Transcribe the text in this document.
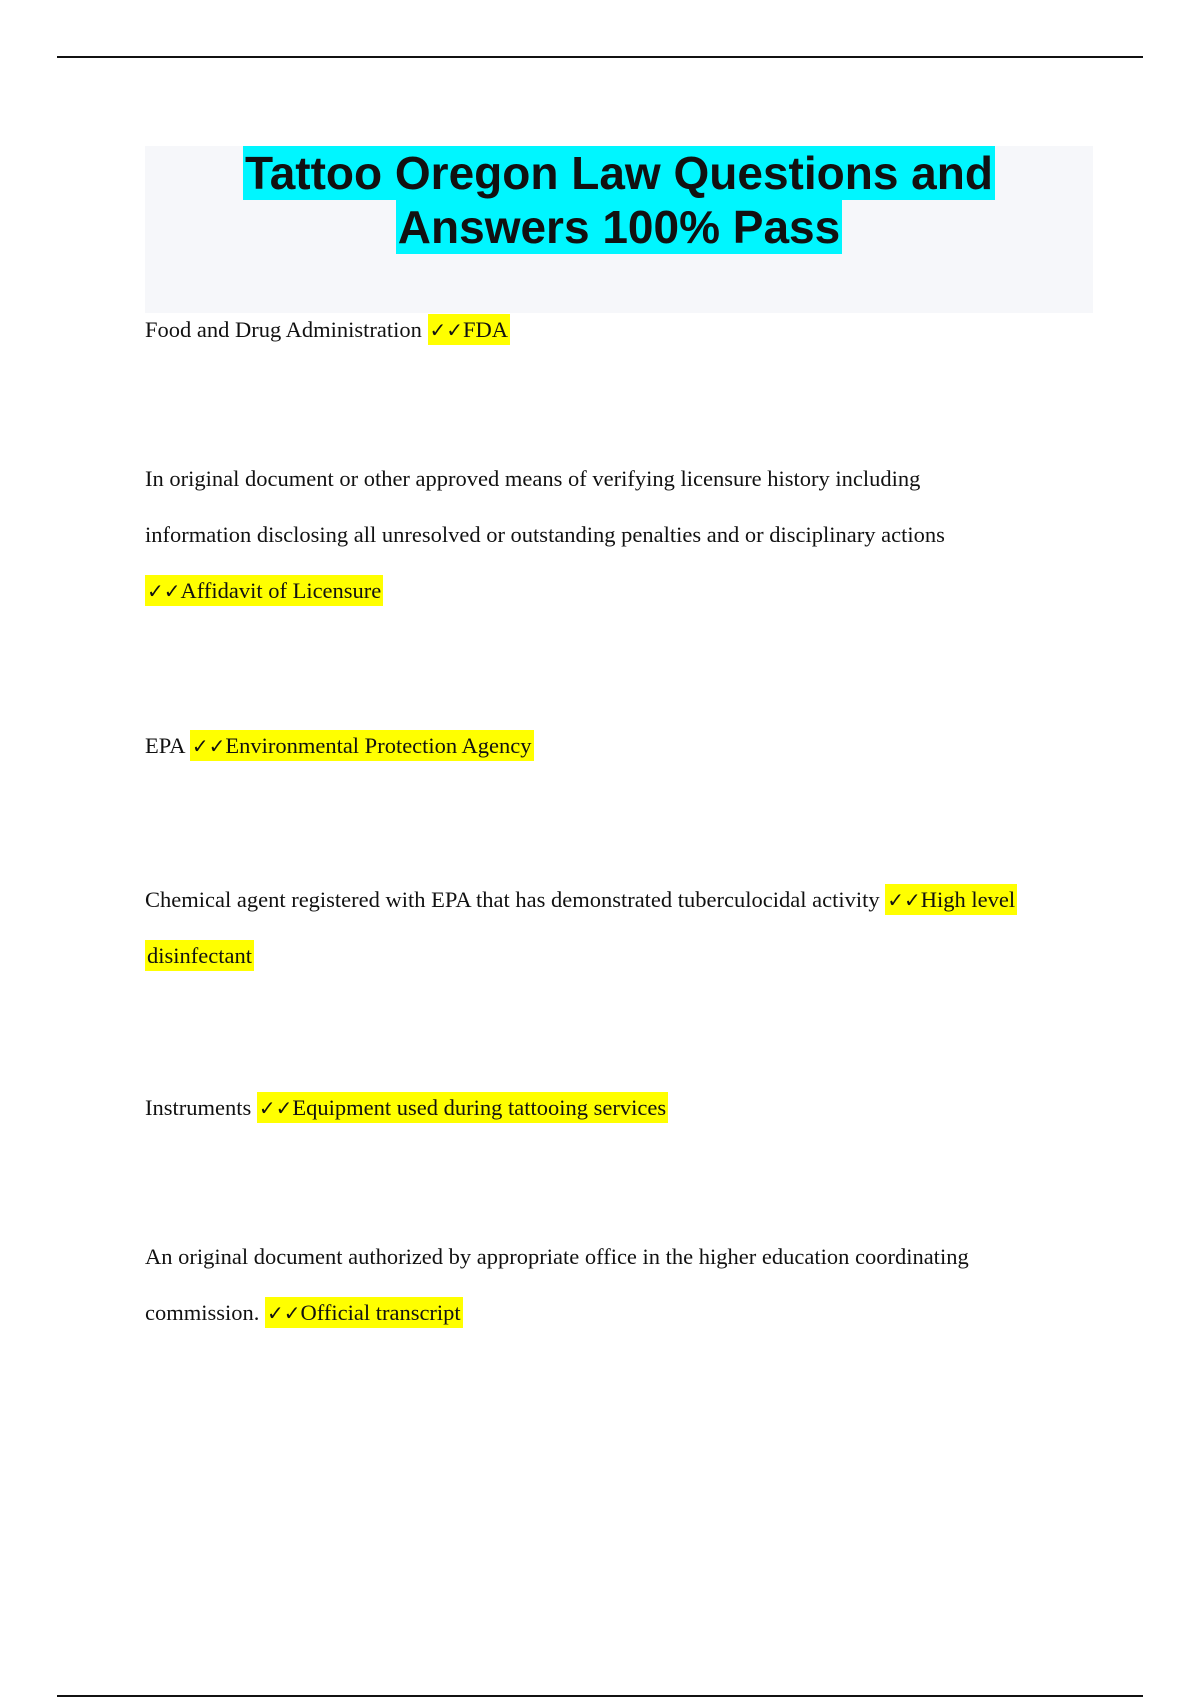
Tattoo Oregon Law Questions and
Answers 100% Pass
Food and Drug Administration ✓✓FDA
In original document or other approved means of verifying licensure history including
information disclosing all unresolved or outstanding penalties and or disciplinary actions
✓✓Affidavit of Licensure
EPA ✓✓Environmental Protection Agency
Chemical agent registered with EPA that has demonstrated tuberculocidal activity ✓✓High level
disinfectant
Instruments ✓✓Equipment used during tattooing services
An original document authorized by appropriate office in the higher education coordinating
commission. ✓✓Official transcript
